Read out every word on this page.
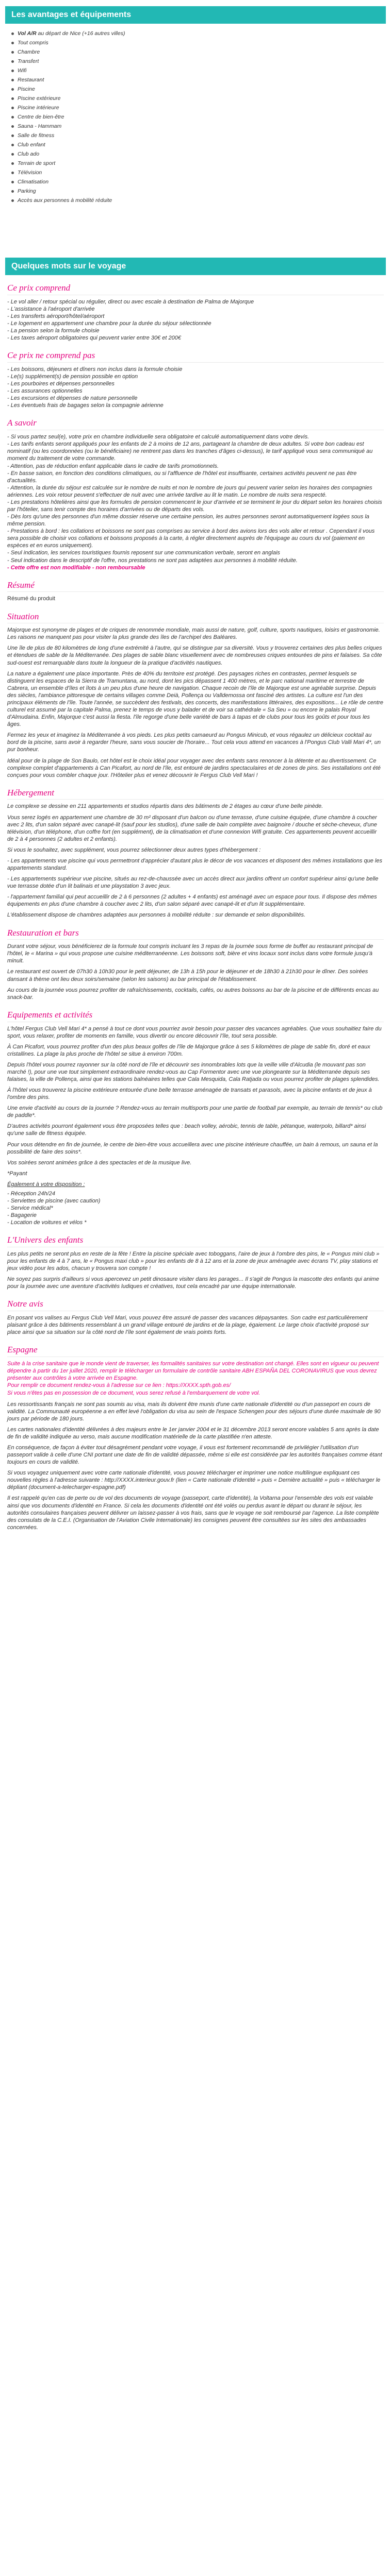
Les avantages et équipements
Vol A/R au départ de Nice (+16 autres villes)
Tout compris
Chambre
Transfert
Wifi
Restaurant
Piscine
Piscine extérieure
Piscine intérieure
Centre de bien-être
Sauna - Hammam
Salle de fitness
Club enfant
Club ado
Terrain de sport
Télévision
Climatisation
Parking
Accès aux personnes à mobilité réduite
Quelques mots sur le voyage
Ce prix comprend
- Le vol aller / retour spécial ou régulier, direct ou avec escale à destination de Palma de Majorque
- L'assistance à l'aéroport d'arrivée
- Les transferts aéroport/hôtel/aéroport
- Le logement en appartement une chambre pour la durée du séjour sélectionnée
- La pension selon la formule choisie
- Les taxes aéroport obligatoires qui peuvent varier entre 30€ et 200€
Ce prix ne comprend pas
- Les boissons, déjeuners et dîners non inclus dans la formule choisie
- Le(s) supplément(s) de pension possible en option
- Les pourboires et dépenses personnelles
- Les assurances optionnelles
- Les excursions et dépenses de nature personnelle
- Les éventuels frais de bagages selon la compagnie aérienne
A savoir

- Si vous partez seul(e), votre prix en chambre individuelle sera obligatoire et calculé automatiquement dans votre devis.

- Les tarifs enfants seront appliqués pour les enfants de 2 à moins de 12 ans, partageant la chambre de deux adultes. Si votre bon cadeau est nominatif (ou les coordonnées (ou le bénéficiaire) ne rentrent pas dans les tranches d'âges ci-dessus), le tarif appliqué vous sera communiqué au moment du traitement de votre commande.

- Attention, pas de réduction enfant applicable dans le cadre de tarifs promotionnels.

- En basse saison, en fonction des conditions climatiques, ou si l'affluence de l'hôtel est insuffisante, certaines activités peuvent ne pas être d'actualités.

- Attention, la durée du séjour est calculée sur le nombre de nuits et non le nombre de jours qui peuvent varier selon les horaires des compagnies aériennes. Les voix retour peuvent s'effectuer de nuit avec une arrivée tardive au lit le matin. Le nombre de nuits sera respecté.

- Les prestations hôtelières ainsi que les formules de pension commencent le jour d'arrivée et se terminent le jour du départ selon les horaires choisis par l'hôtelier, sans tenir compte des horaires d'arrivées ou de départs des vols.

- Dès lors qu'une des personnes d'un même dossier réserve une certaine pension, les autres personnes seront automatiquement logées sous la même pension.

- Prestations à bord : les collations et boissons ne sont pas comprises au service à bord des avions lors des vols aller et retour . Cependant il vous sera possible de choisir vos collations et boissons proposés à la carte, à régler directement auprès de l'équipage au cours du vol (paiement en espèces et en euros uniquement).

- Seul indication, les services touristiques fournis reposent sur une communication verbale, seront en anglais

- Seul indication dans le descriptif de l'offre, nos prestations ne sont pas adaptées aux personnes à mobilité réduite.

- Cette offre est non modifiable - non remboursable

Résumé

Résumé du produit

Situation

Majorque est synonyme de plages et de criques de renommée mondiale, mais aussi de nature, golf, culture, sports nautiques, loisirs et gastronomie. Les raisons ne manquent pas pour visiter la plus grande des îles de l'archipel des Baléares.

Une île de plus de 80 kilomètres de long d'une extrémité à l'autre, qui se distingue par sa diversité. Vous y trouverez certaines des plus belles criques et étendues de sable de la Méditerranée. Des plages de sable blanc visuellement avec de nombreuses criques entourées de pins et falaises. Sa côte sud-ouest est remarquable dans toute la longueur de la pratique d'activités nautiques.

La nature a également une place importante. Près de 40% du territoire est protégé. Des paysages riches en contrastes, permet lesquels se distinguent les espaces de la Sierra de Tramuntana, au nord, dont les pics dépassent 1 400 mètres, et le parc national maritime et terrestre de Cabrera, un ensemble d'îles et îlots à un peu plus d'une heure de navigation. Chaque recoin de l'île de Majorque est une agréable surprise. Depuis des siècles, l'ambiance pittoresque de certains villages comme Deià, Pollença ou Valldemossa ont fasciné des artistes. La culture est l'un des principaux éléments de l'île. Toute l'année, se succèdent des festivals, des concerts, des manifestations littéraires, des expositions... Le rôle de centre culturel est assumé par la capitale Palma, prenez le temps de vous y balader et de voir sa cathédrale « Sa Seu » ou encore le palais Royal d'Almudaina. Enfin, Majorque c'est aussi la fiesta. l'île regorge d'une belle variété de bars à tapas et de clubs pour tous les goûts et pour tous les âges.

Fermez les yeux et imaginez la Méditerranée à vos pieds. Les plus petits camaeurd au Pongus Minicub, et vous régaulez un délicieux cocktail au bord de la piscine, sans avoir à regarder l'heure, sans vous soucier de l'horaire... Tout cela vous attend en vacances à l'Pongus Club Valli Mari 4*, un pur bonheur.

Idéal pour de la plage de Son Baulo, cet hôtel est le choix idéal pour voyager avec des enfants sans renoncer à la détente et au divertissement. Ce complexe complet d'appartements à Can Picafort, au nord de l'île, est entouré de jardins spectaculaires et de zones de pins. Ses installations ont été conçues pour vous combler chaque jour. l'Hôtelier plus et venez découvrir le Fergus Club Vell Mari !

Hébergement

Le complexe se dessine en 211 appartements et studios répartis dans des bâtiments de 2 étages au cœur d'une belle pinède.

Vous serez logés en appartement une chambre de 30 m² disposant d'un balcon ou d'une terrasse, d'une cuisine équipée, d'une chambre à coucher avec 2 lits, d'un salon séparé avec canapé-lit (sauf pour les studios), d'une salle de bain complète avec baignoire / douche et sèche-cheveux, d'une télévision, d'un téléphone, d'un coffre fort (en supplément), de la climatisation et d'une connexion Wifi gratuite. Ces appartements peuvent accueillir de 2 à 4 personnes (2 adultes et 2 enfants).

Si vous le souhaitez, avec supplément, vous pourrez sélectionner deux autres types d'hébergement :

- Les appartements vue piscine qui vous permettront d'apprécier d'autant plus le décor de vos vacances et disposent des mêmes installations que les appartements standard.

- Les appartements supérieur vue piscine, situés au rez-de-chaussée avec un accès direct aux jardins offrent un confort supérieur ainsi qu'une belle vue terrasse dotée d'un lit balinais et une playstation 3 avec jeux.

- l'appartement familial qui peut accueillir de 2 à 6 personnes (2 adultes + 4 enfants) est aménagé avec un espace pour tous. Il dispose des mêmes équipements en plus d'une chambre à coucher avec 2 lits, d'un salon séparé avec canapé-lit et d'un lit supplémentaire.

L'établissement dispose de chambres adaptées aux personnes à mobilité réduite : sur demande et selon disponibilités.

Restauration et bars

Durant votre séjour, vous bénéficierez de la formule tout compris incluant les 3 repas de la journée sous forme de buffet au restaurant principal de l'hôtel, le « Marina » qui vous propose une cuisine méditerranéenne. Les boissons soft, bière et vins locaux sont inclus dans votre formule jusqu'à minuit.

Le restaurant est ouvert de 07h30 à 10h30 pour le petit déjeuner, de 13h à 15h pour le déjeuner et de 18h30 à 21h30 pour le dîner. Des soirées dansant à thème ont lieu deux soirs/semaine (selon les saisons) au bar principal de l'établissement.

Au cours de la journée vous pourrez profiter de rafraîchissements, cocktails, cafés, ou autres boissons au bar de la piscine et de différents encas au snack-bar.

Equipements et activités

L'hôtel Fergus Club Vell Mari 4* a pensé à tout ce dont vous pourriez avoir besoin pour passer des vacances agréables. Que vous souhaitiez faire du sport, vous relaxer, profiter de moments en famille, vous divertir ou encore découvrir l'île, tout sera possible.

À Can Picafort, vous pourrez profiter d'un des plus beaux golfes de l'île de Majorque grâce à ses 5 kilomètres de plage de sable fin, doré et eaux cristallines. La plage la plus proche de l'hôtel se situe à environ 700m.

Depuis l'hôtel vous pourrez rayonner sur la côté nord de l'île et découvrir ses innombrables lots que la veille ville d'Alcudia (le mouvant pas son marché !), pour une vue tout simplement extraordinaire rendez-vous au Cap Formentor avec une vue plongeante sur la Méditerranée depuis ses falaises, la ville de Pollença, ainsi que les stations balnéaires telles que Cala Mesquida, Cala Ratjada ou vous pourrez profiter de plages splendides.

À l'hôtel vous trouverez la piscine extérieure entourée d'une belle terrasse aménagée de transats et parasols, avec la piscine enfants et de jeux à l'ombre des pins.

Une envie d'activité au cours de la journée ? Rendez-vous au terrain multisports pour une partie de football par exemple, au terrain de tennis* ou club de paddle*.

D'autres activités pourront également vous être proposées telles que : beach volley, aérobic, tennis de table, pétanque, waterpolo, billard* ainsi qu'une salle de fitness équipée.

Pour vous détendre en fin de journée, le centre de bien-être vous accueillera avec une piscine intérieure chauffée, un bain à remous, un sauna et la possibilité de faire des soins*.

Vos soirées seront animées grâce à des spectacles et de la musique live.

*Payant

Également à votre disposition :

- Réception 24h/24
- Serviettes de piscine (avec caution)
- Service médical*
- Bagagerie
- Location de voitures et vélos *
L'Univers des enfants

Les plus petits ne seront plus en reste de la fête ! Entre la piscine spéciale avec toboggans, l'aire de jeux à l'ombre des pins, le « Pongus mini club » pour les enfants de 4 à 7 ans, le « Pongus maxi club » pour les enfants de 8 à 12 ans et la zone de jeux aménagée avec écrans TV, play stations et jeux vidéo pour les ados, chacun y trouvera son compte !

Ne soyez pas surpris d'ailleurs si vous apercevez un petit dinosaure visiter dans les parages... Il s'agit de Pongus la mascotte des enfants qui anime pour la journée avec une aventure d'activités ludiques et créatives, tout cela encadré par une équipe internationale.

Notre avis

En posant vos valises au Fergus Club Vell Mari, vous pouvez être assuré de passer des vacances dépaysantes. Son cadre est particulièrement plaisant grâce à des bâtiments ressemblant à un grand village entouré de jardins et de la plage, égaiement. Le large choix d'activité proposé sur place ainsi que sa situation sur la côté nord de l'île sont également de vrais points forts.

Espagne

Suite à la crise sanitaire que le monde vient de traverser, les formalités sanitaires sur votre destination ont changé. Elles sont en vigueur ou peuvent dépendre à partir du 1er juillet 2020, remplir le télécharger un formulaire de contrôle sanitaire ABH ESPAÑA DEL CORONAVIRUS que vous devrez présenter aux contrôles à votre arrivée en Espagne.

Pour remplir ce document rendez-vous à l'adresse sur ce lien : https://XXXX.spth.gob.es/

Si vous n'êtes pas en possession de ce document, vous serez refusé à l'embarquement de votre vol.

Les ressortissants français ne sont pas soumis au visa, mais ils doivent être munis d'une carte nationale d'identité ou d'un passeport en cours de validité. La Communauté européenne a en effet levé l'obligation du visa au sein de l'espace Schengen pour des séjours d'une durée maximale de 90 jours par période de 180 jours.

Les cartes nationales d'identité délivrées à des majeurs entre le 1er janvier 2004 et le 31 décembre 2013 seront encore valables 5 ans après la date de fin de validité indiquée au verso, mais aucune modification matérielle de la carte plastifiée n'en atteste.

En conséquence, de façon à éviter tout désagrément pendant votre voyage, il vous est fortement recommandé de privilégier l'utilisation d'un passeport valide à celle d'une CNI portant une date de fin de validité dépassée, même si elle est considérée par les autorités françaises comme étant toujours en cours de validité.

Si vous voyagez uniquement avec votre carte nationale d'identité, vous pouvez télécharger et imprimer une notice multilingue expliquant ces nouvelles règles à l'adresse suivante : http://XXXX.interieur.gouv.fr (lien « Carte nationale d'identité » puis « Dernière actualité » puis « télécharger le dépliant (document-a-telecharger-espagne.pdf)

Il est rappelé qu'en cas de perte ou de vol des documents de voyage (passeport, carte d'identité), la Voltarna pour l'ensemble des vols est valable ainsi que vos documents d'identité en France. Si cela les documents d'identité ont été volés ou perdus avant le départ ou durant le séjour, les autorités consulaires françaises peuvent délivrer un laissez-passer à vos frais, sans que le voyage ne soit remboursé par l'agence. La liste complète des consulats de la C.E.I. (Organisation de l'Aviation Civile Internationale) les consignes peuvent être consultées sur les sites des ambassades concernées.
